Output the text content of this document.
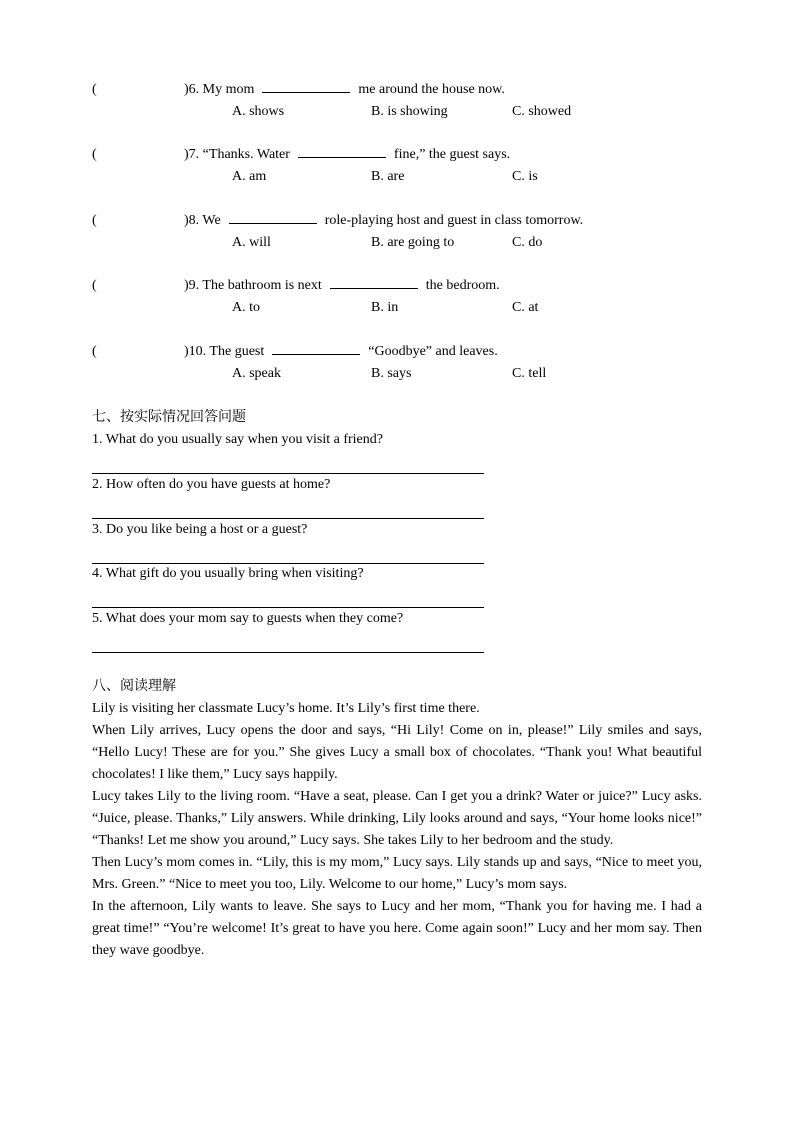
(	)6. My mom	me around the house now.
A. shows	B. is showing	C. showed
(	)7. “Thanks. Water	fine,” the guest says.
A. am	B. are	C. is
(	)8. We	role-playing host and guest in class tomorrow.
A. will	B. are going to	C. do
(	)9. The bathroom is next	the bedroom.
A. to	B. in	C. at
(	)10. The guest	“Goodbye” and leaves.
A. speak	B. says	C. tell
七、按实际情况回答问题
1. What do you usually say when you visit a friend?
2. How often do you have guests at home?
3. Do you like being a host or a guest?
4. What gift do you usually bring when visiting?
5. What does your mom say to guests when they come?
八、阅读理解

Lily is visiting her classmate Lucy’s home. It’s Lily’s first time there.

When Lily arrives, Lucy opens the door and says, “Hi Lily! Come on in, please!” Lily smiles and says, “Hello Lucy! These are for you.” She gives Lucy a small box of chocolates. “Thank you! What beautiful chocolates! I like them,” Lucy says happily.

Lucy takes Lily to the living room. “Have a seat, please. Can I get you a drink? Water or juice?” Lucy asks. “Juice, please. Thanks,” Lily answers. While drinking, Lily looks around and says, “Your home looks nice!” “Thanks! Let me show you around,” Lucy says. She takes Lily to her bedroom and the study.

Then Lucy’s mom comes in. “Lily, this is my mom,” Lucy says. Lily stands up and says, “Nice to meet you, Mrs. Green.” “Nice to meet you too, Lily. Welcome to our home,” Lucy’s mom says.

In the afternoon, Lily wants to leave. She says to Lucy and her mom, “Thank you for having me. I had a great time!” “You’re welcome! It’s great to have you here. Come again soon!” Lucy and her mom say. Then they wave goodbye.
